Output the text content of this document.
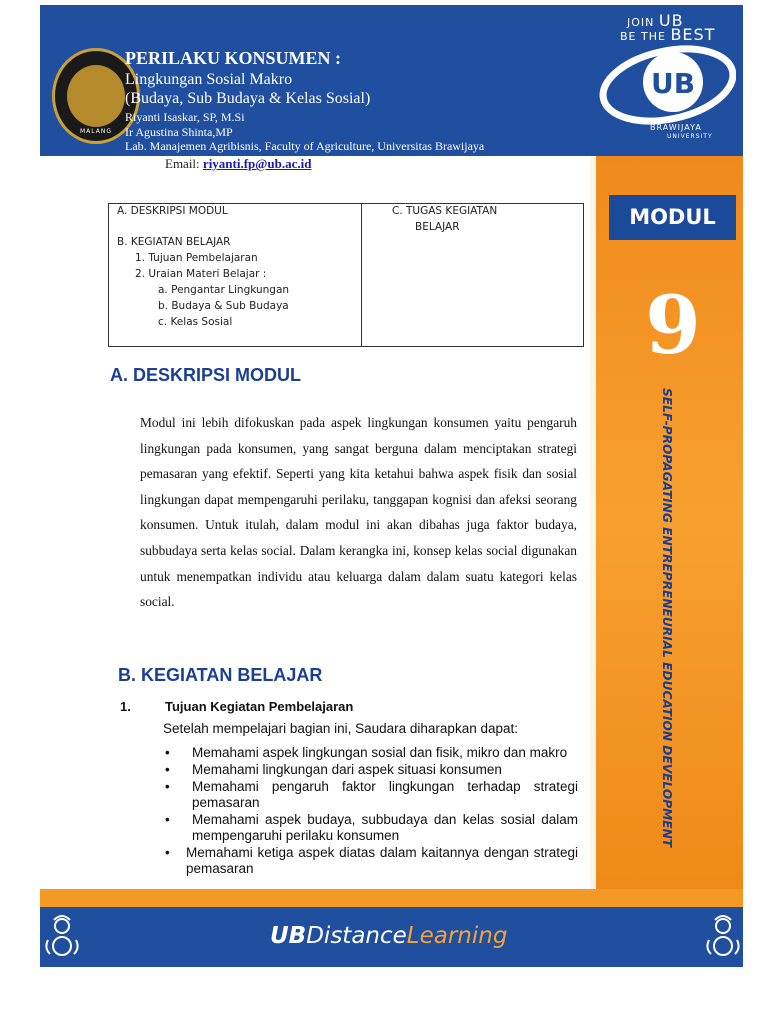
MALANG
PERILAKU KONSUMEN :
Lingkungan Sosial Makro
(Budaya, Sub Budaya & Kelas Sosial)
Riyanti Isaskar, SP, M.Si
Ir Agustina Shinta,MP
Lab. Manajemen Agribisnis, Faculty of Agriculture, Universitas Brawijaya
JOIN UB
BE THE BEST
UB
BRAWIJAYA
UNIVERSITY
Email: riyanti.fp@ub.ac.id
MODUL
9
SELF-PROPAGATING ENTREPRENEURIAL EDUCATION DEVELOPMENT
A. DESKRIPSI MODUL
B. KEGIATAN BELAJAR
1. Tujuan Pembelajaran
2. Uraian Materi Belajar :
a. Pengantar Lingkungan
b. Budaya & Sub Budaya
c. Kelas Sosial
C. TUGAS KEGIATAN
BELAJAR
A. DESKRIPSI MODUL
Modul ini lebih difokuskan pada aspek lingkungan konsumen yaitu pengaruh lingkungan pada konsumen, yang sangat berguna dalam menciptakan strategi pemasaran yang efektif. Seperti yang kita ketahui bahwa aspek fisik dan sosial lingkungan dapat mempengaruhi perilaku, tanggapan kognisi dan afeksi seorang konsumen. Untuk itulah, dalam modul ini akan dibahas juga faktor budaya, subbudaya serta kelas social. Dalam kerangka ini, konsep kelas social digunakan untuk menempatkan individu atau keluarga dalam dalam suatu kategori kelas social.
B. KEGIATAN BELAJAR
1.	Tujuan Kegiatan Pembelajaran
Setelah mempelajari bagian ini, Saudara diharapkan dapat:
• Memahami aspek lingkungan sosial dan fisik, mikro dan makro
• Memahami lingkungan dari aspek situasi konsumen
• Memahami pengaruh faktor lingkungan terhadap strategi pemasaran
• Memahami aspek budaya, subbudaya dan kelas sosial dalam mempengaruhi perilaku konsumen
• Memahami ketiga aspek diatas dalam kaitannya dengan strategi pemasaran
UBDistanceLearning
